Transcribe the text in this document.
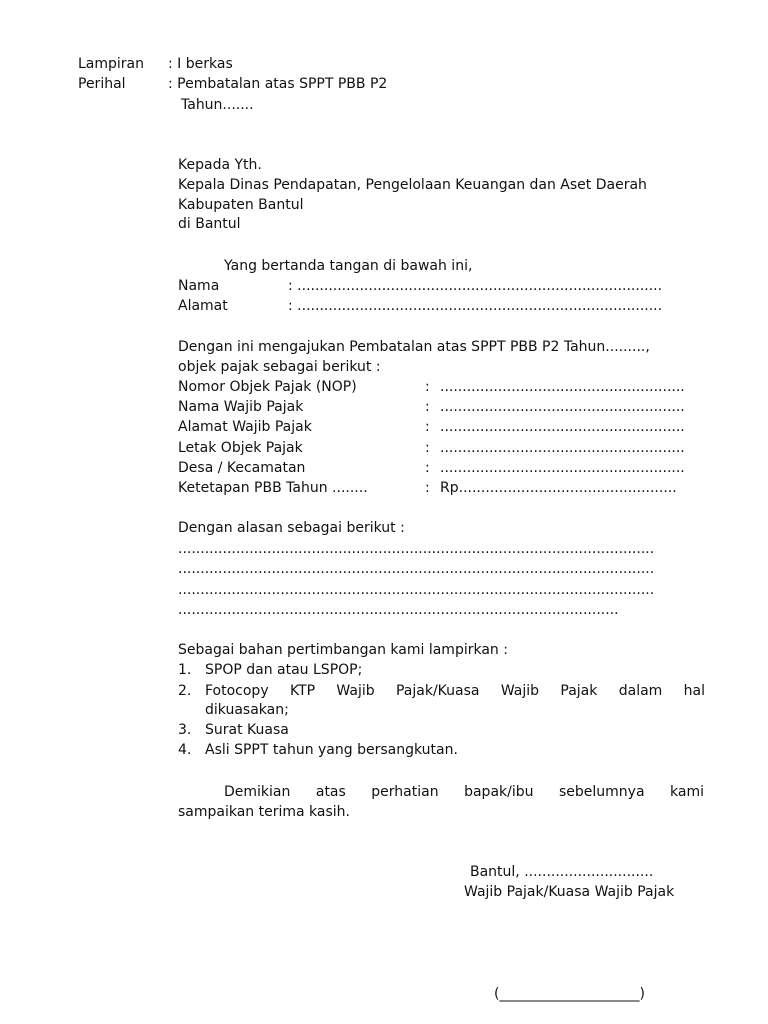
Lampiran : I berkas
Perihal	: Pembatalan atas SPPT PBB P2
Tahun.......
Kepada Yth.
Kepala Dinas Pendapatan, Pengelolaan Keuangan dan Aset Daerah
Kabupaten Bantul
di Bantul
Yang bertanda tangan di bawah ini,
Nama	: ..................................................................................
Alamat	: ..................................................................................
Dengan ini mengajukan Pembatalan atas SPPT PBB P2 Tahun.........,
objek pajak sebagai berikut :
Nomor Objek Pajak (NOP)	: .......................................................
Nama Wajib Pajak	: .......................................................
Alamat Wajib Pajak	: .......................................................
Letak Objek Pajak	: .......................................................
Desa / Kecamatan	: .......................................................
Ketetapan PBB Tahun ........	: Rp.................................................
Dengan alasan sebagai berikut :
...........................................................................................................
...........................................................................................................
...........................................................................................................
...................................................................................................
Sebagai bahan pertimbangan kami lampirkan :
1. SPOP dan atau LSPOP;
2. Fotocopy KTP Wajib Pajak/Kuasa Wajib Pajak dalam hal
dikuasakan;
3. Surat Kuasa
4. Asli SPPT tahun yang bersangkutan.
Demikian atas perhatian bapak/ibu sebelumnya kami
sampaikan terima kasih.
Bantul, .............................
Wajib Pajak/Kuasa Wajib Pajak
(____________________)
